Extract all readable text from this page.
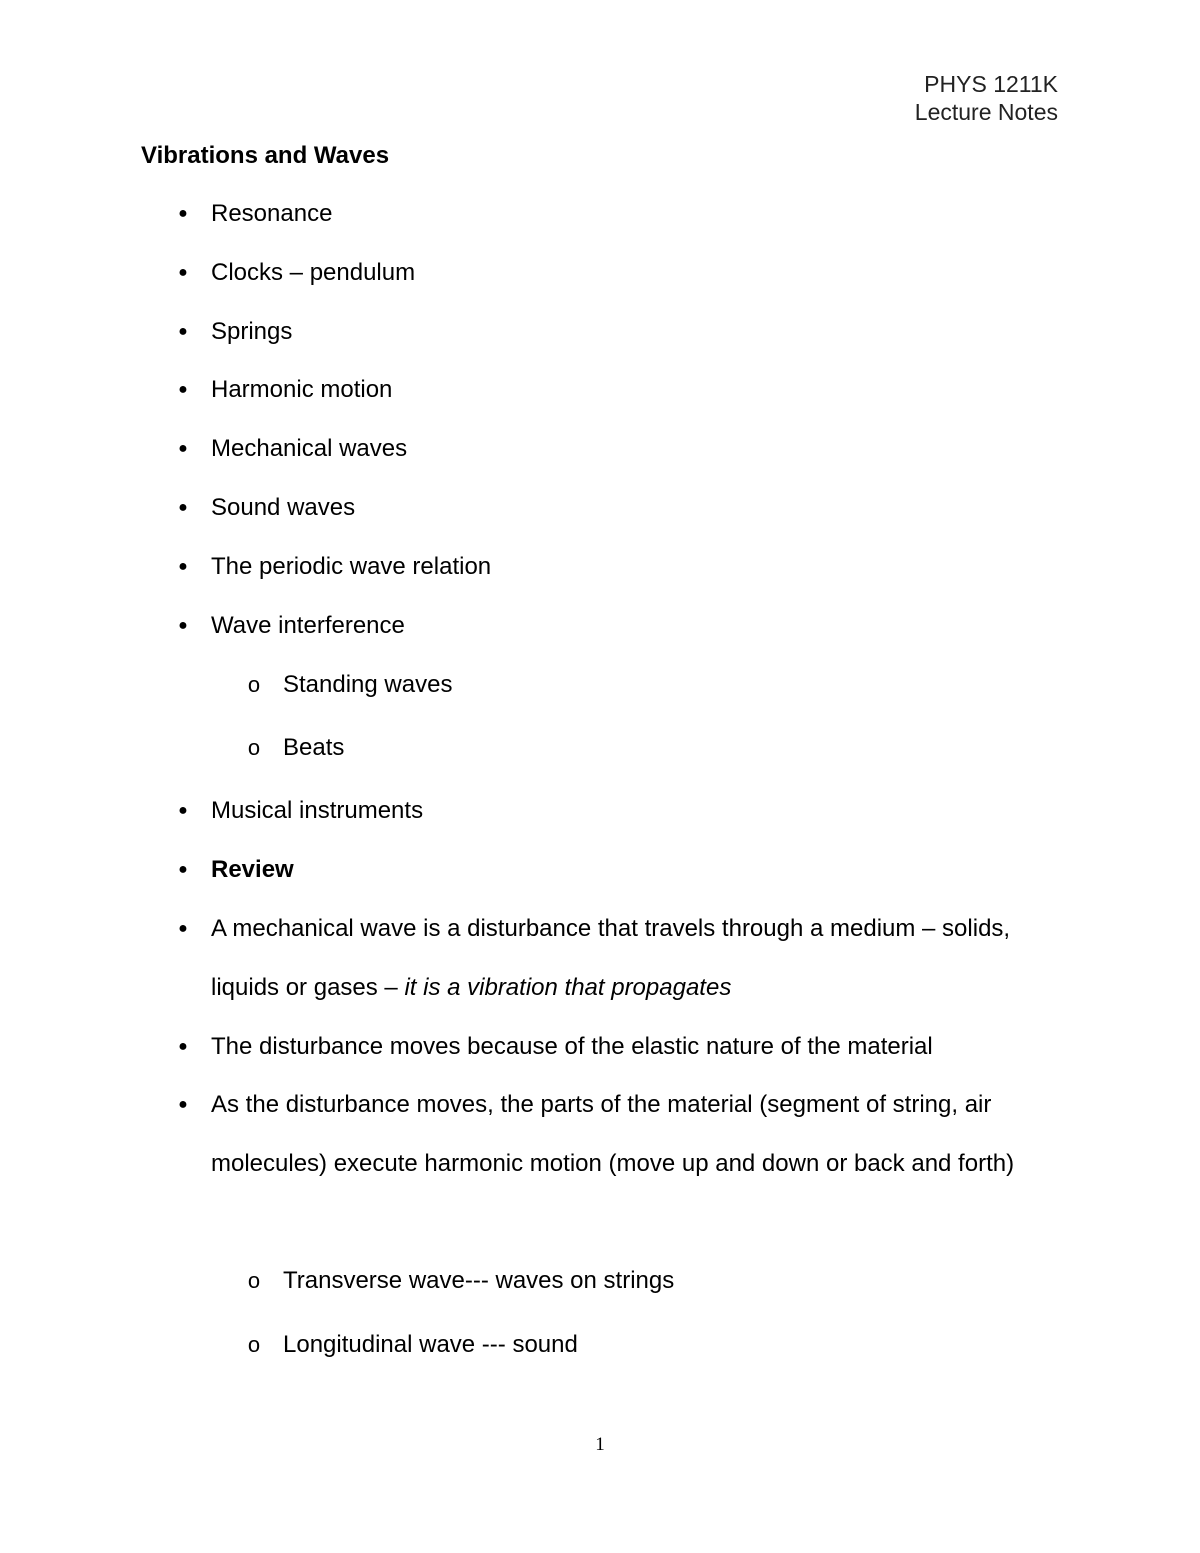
PHYS 1211K
Lecture Notes
Vibrations and Waves
● Resonance
● Clocks – pendulum
● Springs
● Harmonic motion
● Mechanical waves
● Sound waves
● The periodic wave relation
● Wave interference
o Standing waves
o Beats
● Musical instruments
● Review
● A mechanical wave is a disturbance that travels through a medium – solids, liquids or gases – it is a vibration that propagates
● The disturbance moves because of the elastic nature of the material
● As the disturbance moves, the parts of the material (segment of string, air molecules) execute harmonic motion (move up and down or back and forth)
o Transverse wave--- waves on strings
o Longitudinal wave --- sound
1
